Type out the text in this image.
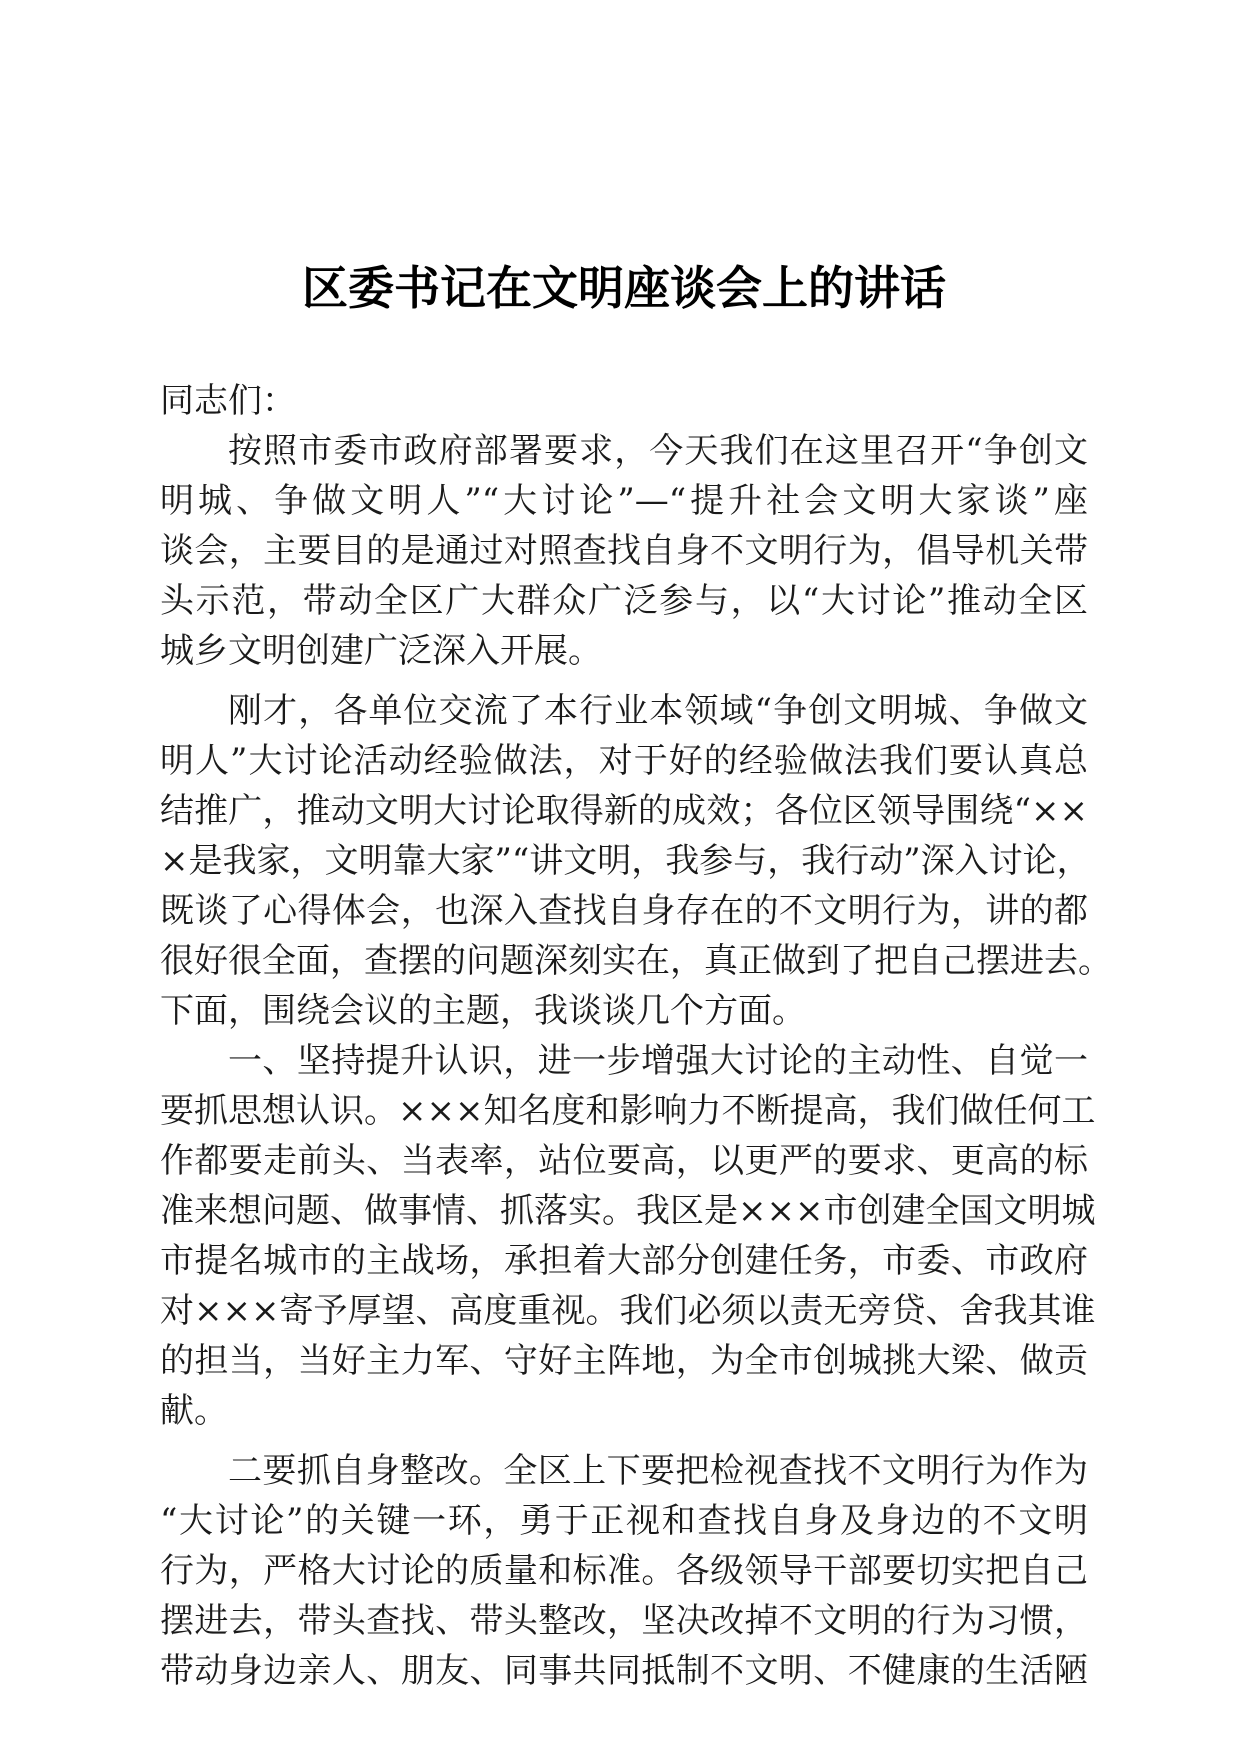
区委书记在文明座谈会上的讲话
同志们：
按照市委市政府部署要求，今天我们在这里召开“争创文
明城、争做文明人”“大讨论”—“提升社会文明大家谈”座
谈会，主要目的是通过对照查找自身不文明行为，倡导机关带
头示范，带动全区广大群众广泛参与，以“大讨论”推动全区
城乡文明创建广泛深入开展。
刚才，各单位交流了本行业本领域“争创文明城、争做文
明人”大讨论活动经验做法，对于好的经验做法我们要认真总
结推广，推动文明大讨论取得新的成效；各位区领导围绕“××
×是我家，文明靠大家”“讲文明，我参与，我行动”深入讨论，
既谈了心得体会，也深入查找自身存在的不文明行为，讲的都
很好很全面，查摆的问题深刻实在，真正做到了把自己摆进去。
下面，围绕会议的主题，我谈谈几个方面。
一、坚持提升认识，进一步增强大讨论的主动性、自觉一
要抓思想认识。×××知名度和影响力不断提高，我们做任何工
作都要走前头、当表率，站位要高，以更严的要求、更高的标
准来想问题、做事情、抓落实。我区是×××市创建全国文明城
市提名城市的主战场，承担着大部分创建任务，市委、市政府
对×××寄予厚望、高度重视。我们必须以责无旁贷、舍我其谁
的担当，当好主力军、守好主阵地，为全市创城挑大梁、做贡
献。
二要抓自身整改。全区上下要把检视查找不文明行为作为
“大讨论”的关键一环，勇于正视和查找自身及身边的不文明
行为，严格大讨论的质量和标准。各级领导干部要切实把自己
摆进去，带头查找、带头整改，坚决改掉不文明的行为习惯，
带动身边亲人、朋友、同事共同抵制不文明、不健康的生活陋
